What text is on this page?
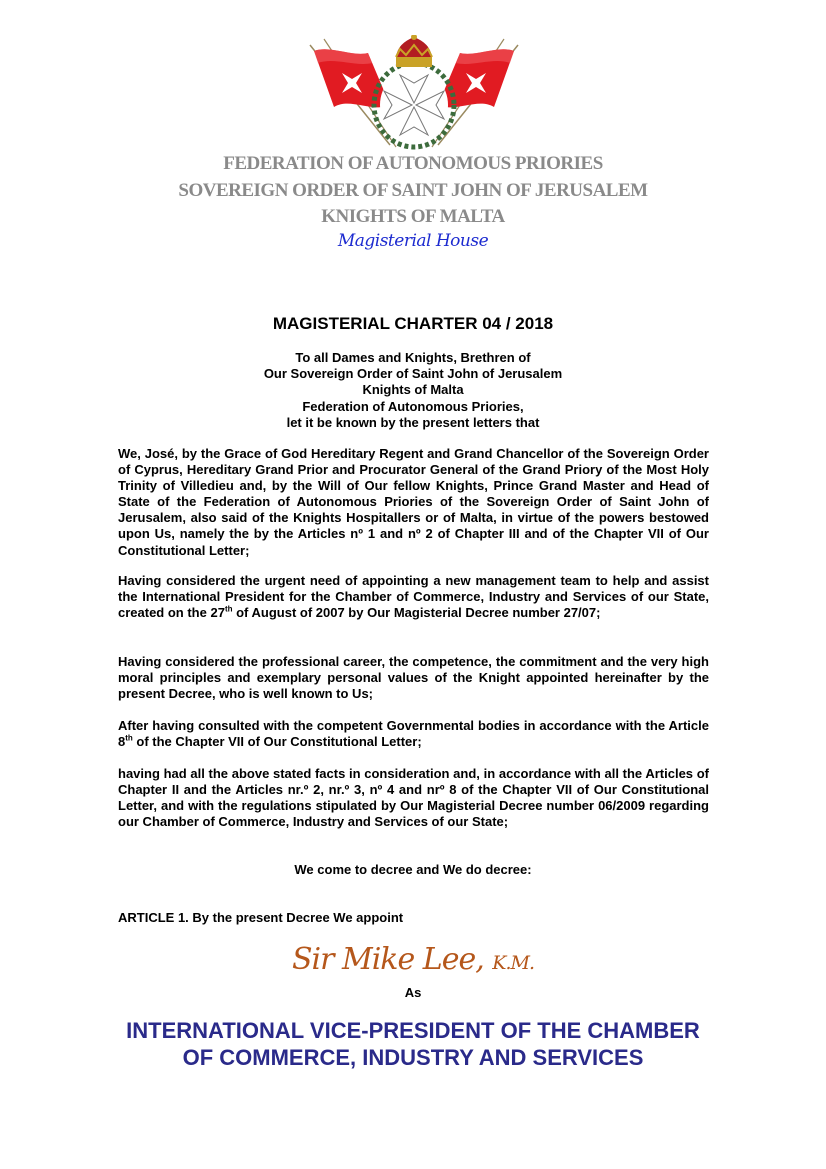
FEDERATION OF AUTONOMOUS PRIORIES
SOVEREIGN ORDER OF SAINT JOHN OF JERUSALEM
KNIGHTS OF MALTA
Magisterial House
MAGISTERIAL CHARTER 04 / 2018
To all Dames and Knights, Brethren of
Our Sovereign Order of Saint John of Jerusalem
Knights of Malta
Federation of Autonomous Priories,
let it be known by the present letters that
We, José, by the Grace of God Hereditary Regent and Grand Chancellor of the Sovereign Order of Cyprus, Hereditary Grand Prior and Procurator General of the Grand Priory of the Most Holy Trinity of Villedieu and, by the Will of Our fellow Knights, Prince Grand Master and Head of State of the Federation of Autonomous Priories of the Sovereign Order of Saint John of Jerusalem, also said of the Knights Hospitallers or of Malta, in virtue of the powers bestowed upon Us, namely the by the Articles nº 1 and nº 2 of Chapter III and of the Chapter VII of Our Constitutional Letter;
Having considered the urgent need of appointing a new management team to help and assist the International President for the Chamber of Commerce, Industry and Services of our State, created on the 27th of August of 2007 by Our Magisterial Decree number 27/07;
Having considered the professional career, the competence, the commitment and the very high moral principles and exemplary personal values of the Knight appointed hereinafter by the present Decree, who is well known to Us;
After having consulted with the competent Governmental bodies in accordance with the Article 8th of the Chapter VII of Our Constitutional Letter;
having had all the above stated facts in consideration and, in accordance with all the Articles of Chapter II and the Articles nr.º 2, nr.º 3, nº 4 and nrº 8 of the Chapter VII of Our Constitutional Letter, and with the regulations stipulated by Our Magisterial Decree number 06/2009 regarding our Chamber of Commerce, Industry and Services of our State;
We come to decree and We do decree:
ARTICLE 1. By the present Decree We appoint
Sir Mike Lee, K.M.
As
INTERNATIONAL VICE-PRESIDENT OF THE CHAMBER
OF COMMERCE, INDUSTRY AND SERVICES
